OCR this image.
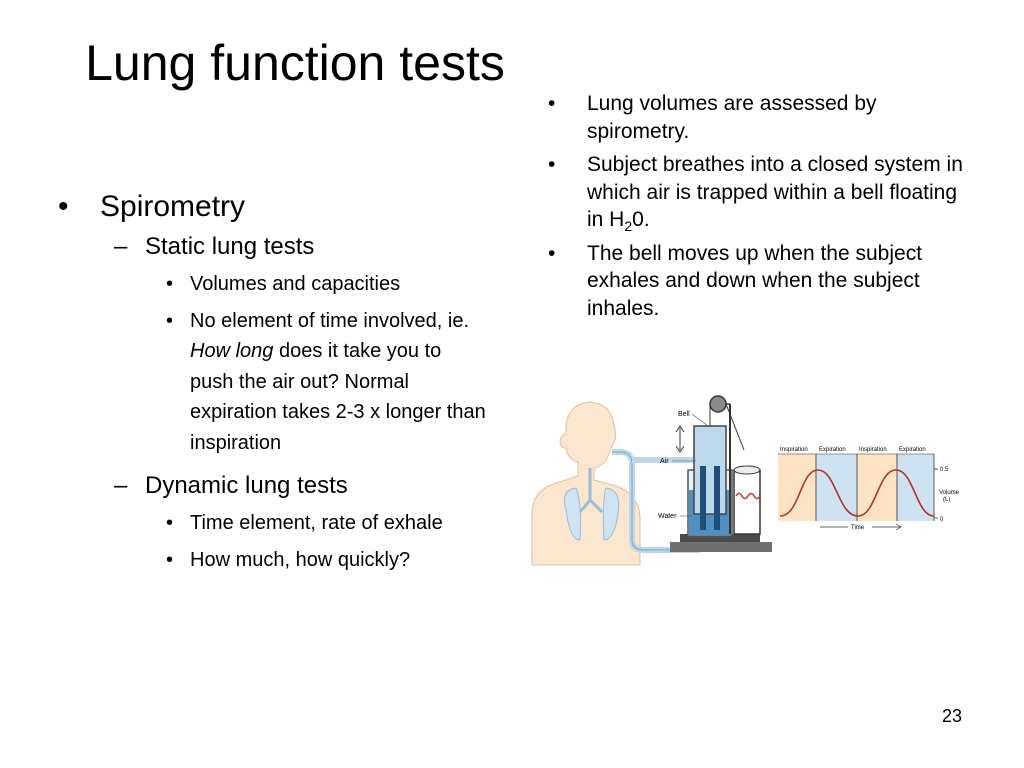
Lung function tests
• Spirometry
– Static lung tests
• Volumes and capacities
• No element of time involved, ie. How long does it take you to push the air out? Normal expiration takes 2-3 x longer than inspiration
– Dynamic lung tests
• Time element, rate of exhale
• How much, how quickly?
• Lung volumes are assessed by spirometry.
• Subject breathes into a closed system in which air is trapped within a bell floating in $H_20$.
• The bell moves up when the subject exhales and down when the subject inhales.
Bell
Air
Water
Inspiration Expiration Inspiration Expiration
0.5
0
Volume
(L)
Time
23
